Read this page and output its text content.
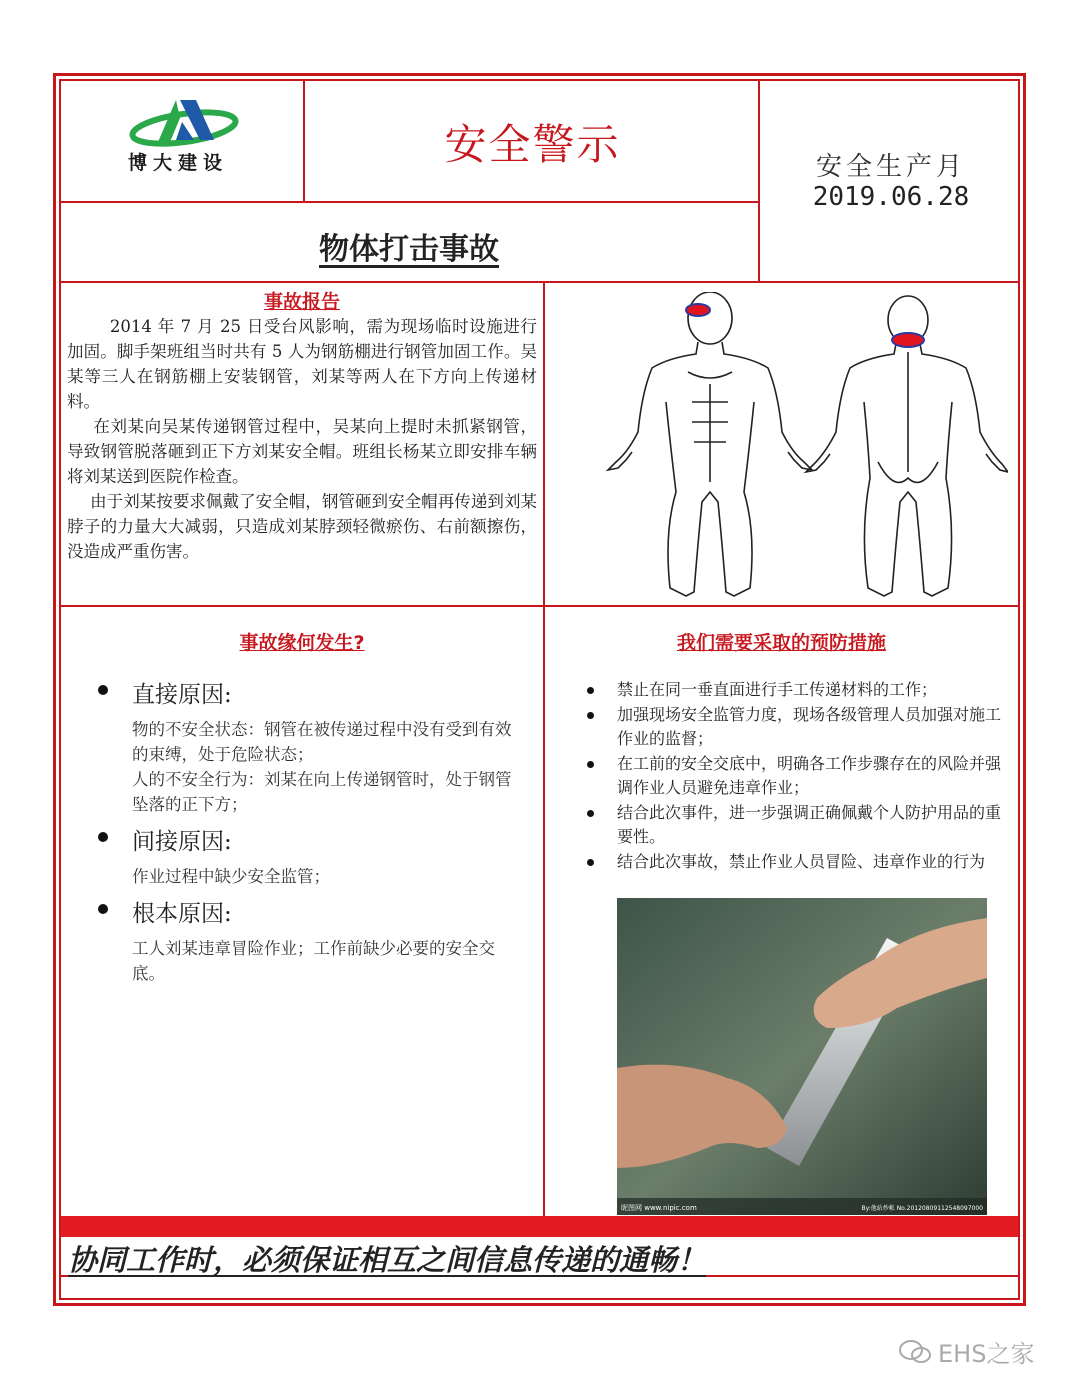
博大建设	安全警示	安全生产月
2019.06.28
物体打击事故
事故报告

2014 年 7 月 25 日受台风影响，需为现场临时设施进行加固。脚手架班组当时共有 5 人为钢筋棚进行钢管加固工作。吴某等三人在钢筋棚上安装钢管，刘某等两人在下方向上传递材料。

在刘某向吴某传递钢管过程中，吴某向上提时未抓紧钢管，导致钢管脱落砸到正下方刘某安全帽。班组长杨某立即安排车辆将刘某送到医院作检查。

由于刘某按要求佩戴了安全帽，钢管砸到安全帽再传递到刘某脖子的力量大大减弱，只造成刘某脖颈轻微瘀伤、右前额擦伤，没造成严重伤害。

事故缘何发生?
直接原因:
物的不安全状态：钢管在被传递过程中没有受到有效的束缚，处于危险状态；
人的不安全行为：刘某在向上传递钢管时，处于钢管坠落的正下方；
间接原因:
作业过程中缺少安全监管；
根本原因:
工人刘某违章冒险作业；工作前缺少必要的安全交底。
我们需要采取的预防措施
禁止在同一垂直面进行手工传递材料的工作；
加强现场安全监管力度，现场各级管理人员加强对施工作业的监督；
在工前的安全交底中，明确各工作步骤存在的风险并强调作业人员避免违章作业；
结合此次事件，进一步强调正确佩戴个人防护用品的重要性。
结合此次事故，禁止作业人员冒险、违章作业的行为
昵图网 www.nipic.com	By:他站炒帐 No.20120809112548097000
协同工作时，必须保证相互之间信息传递的通畅！
EHS之家
